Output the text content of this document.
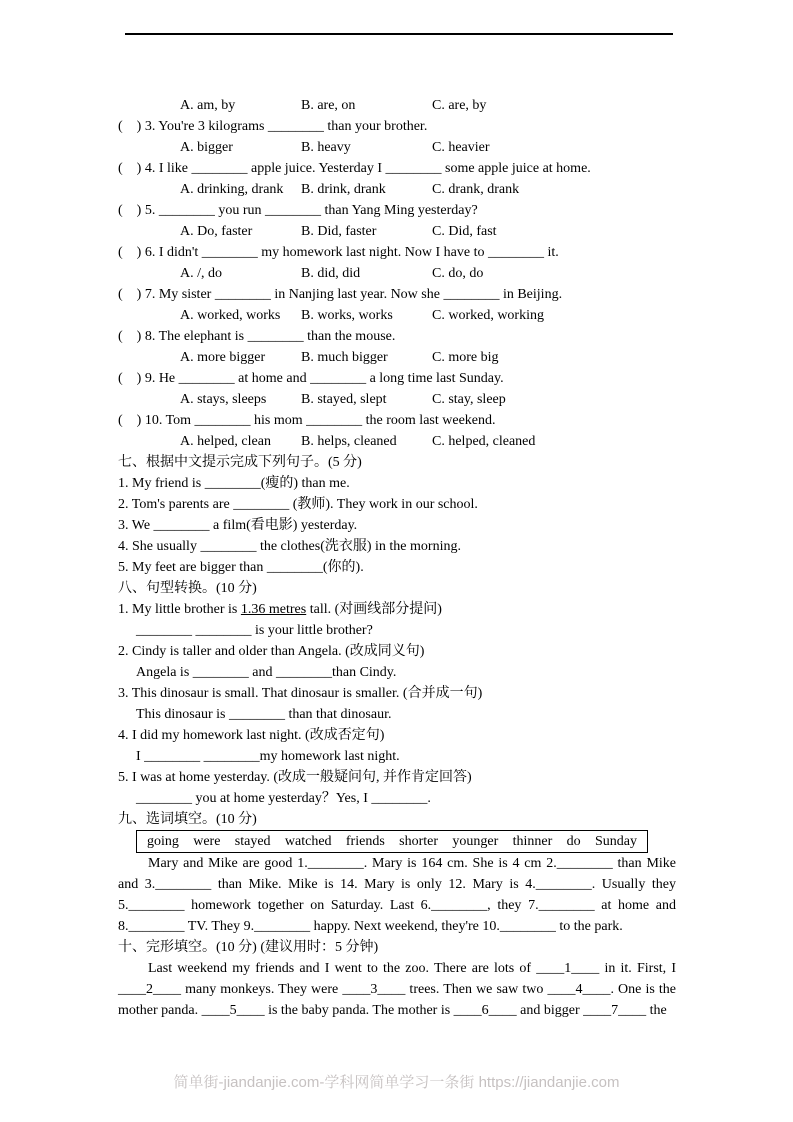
A. am, by	B. are, on	C. are, by
(    ) 3. You're 3 kilograms ________ than your brother.
A. bigger	B. heavy	C. heavier
(    ) 4. I like ________ apple juice. Yesterday I ________ some apple juice at home.
A. drinking, drank	B. drink, drank	C. drank, drank
(    ) 5. ________ you run ________ than Yang Ming yesterday?
A. Do, faster	B. Did, faster	C. Did, fast
(    ) 6. I didn't ________ my homework last night. Now I have to ________ it.
A. /, do	B. did, did	C. do, do
(    ) 7. My sister ________ in Nanjing last year. Now she ________ in Beijing.
A. worked, works	B. works, works	C. worked, working
(    ) 8. The elephant is ________ than the mouse.
A. more bigger	B. much bigger	C. more big
(    ) 9. He ________ at home and ________ a long time last Sunday.
A. stays, sleeps	B. stayed, slept	C. stay, sleep
(    ) 10. Tom ________ his mom ________ the room last weekend.
A. helped, clean	B. helps, cleaned	C. helped, cleaned
七、根据中文提示完成下列句子。(5 分)
1. My friend is ________(瘦的) than me.
2. Tom's parents are ________ (教师). They work in our school.
3. We ________ a film(看电影) yesterday.
4. She usually ________ the clothes(洗衣服) in the morning.
5. My feet are bigger than ________(你的).
八、句型转换。(10 分)
1. My little brother is 1.36 metres tall. (对画线部分提问)
________ ________ is your little brother?
2. Cindy is taller and older than Angela. (改成同义句)
Angela is ________ and ________than Cindy.
3. This dinosaur is small. That dinosaur is smaller. (合并成一句)
This dinosaur is ________ than that dinosaur.
4. I did my homework last night. (改成否定句)
I ________ ________my homework last night.
5. I was at home yesterday. (改成一般疑问句, 并作肯定回答)
________ you at home yesterday？Yes, I ________.
九、选词填空。(10 分)
going were stayed watched friends shorter younger thinner do Sunday
Mary and Mike are good 1.________. Mary is 164 cm. She is 4 cm 2.________ than Mike and 3.________ than Mike. Mike is 14. Mary is only 12. Mary is 4.________. Usually they 5.________ homework together on Saturday. Last 6.________, they 7.________ at home and 8.________ TV. They 9.________ happy. Next weekend, they're 10.________ to the park.
十、完形填空。(10 分) (建议用时：5 分钟)
Last weekend my friends and I went to the zoo. There are lots of ____1____ in it. First, I ____2____ many monkeys. They were ____3____ trees. Then we saw two ____4____. One is the mother panda. ____5____ is the baby panda. The mother is ____6____ and bigger ____7____ the
简单街-jiandanjie.com-学科网简单学习一条街 https://jiandanjie.com
